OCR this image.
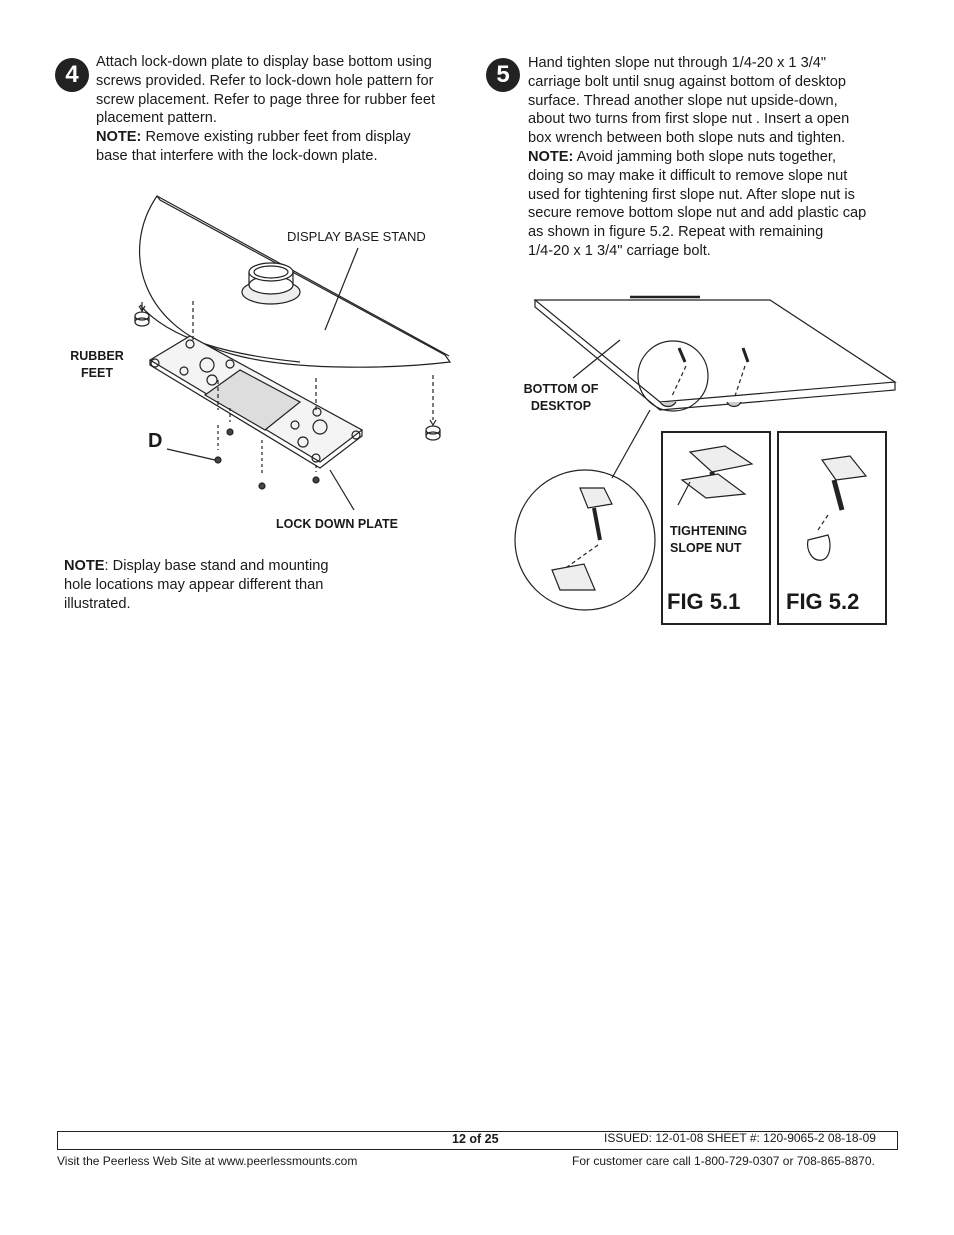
4 Attach lock-down plate to display base bottom using

screws provided. Refer to lock-down hole pattern for

screw placement. Refer to page three for rubber feet

placement pattern.

NOTE: Remove existing rubber feet from display

base that interfere with the lock-down plate.

5 Hand tighten slope nut through 1/4-20 x 1 3/4"

carriage bolt until snug against bottom of desktop

surface. Thread another slope nut upside-down,

about two turns from first slope nut . Insert a open

box wrench between both slope nuts and tighten.

NOTE: Avoid jamming both slope nuts together,

doing so may make it difficult to remove slope nut

used for tightening first slope nut. After slope nut is

secure remove bottom slope nut and add plastic cap

as shown in figure 5.2. Repeat with remaining

1/4-20 x 1 3/4" carriage bolt.

DISPLAY BASE STAND
RUBBER
FEET
D
LOCK DOWN PLATE
NOTE: Display base stand and mounting
hole locations may appear different than
illustrated.
BOTTOM OF
DESKTOP
TIGHTENING
SLOPE NUT
FIG 5.1 FIG 5.2
12 of 25	ISSUED: 12-01-08 SHEET #: 120-9065-2 08-18-09
Visit the Peerless Web Site at www.peerlessmounts.com	For customer care call 1-800-729-0307 or 708-865-8870.
